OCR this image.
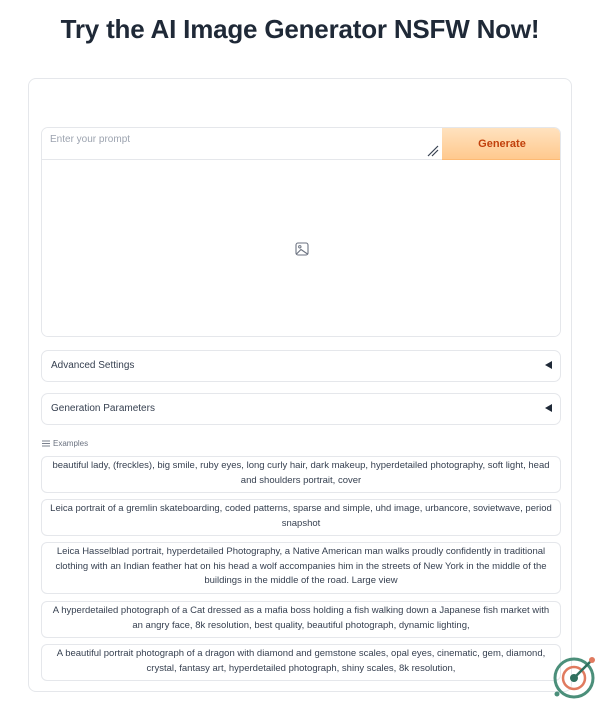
Try the AI Image Generator NSFW Now!
Enter your prompt
Generate
Advanced Settings
Generation Parameters
Examples
beautiful lady, (freckles), big smile, ruby eyes, long curly hair, dark makeup, hyperdetailed photography, soft light, head and shoulders portrait, cover
Leica portrait of a gremlin skateboarding, coded patterns, sparse and simple, uhd image, urbancore, sovietwave, period snapshot
Leica Hasselblad portrait, hyperdetailed Photography, a Native American man walks proudly confidently in traditional clothing with an Indian feather hat on his head a wolf accompanies him in the streets of New York in the middle of the buildings in the middle of the road. Large view
A hyperdetailed photograph of a Cat dressed as a mafia boss holding a fish walking down a Japanese fish market with an angry face, 8k resolution, best quality, beautiful photograph, dynamic lighting,
A beautiful portrait photograph of a dragon with diamond and gemstone scales, opal eyes, cinematic, gem, diamond, crystal, fantasy art, hyperdetailed photograph, shiny scales, 8k resolution,
